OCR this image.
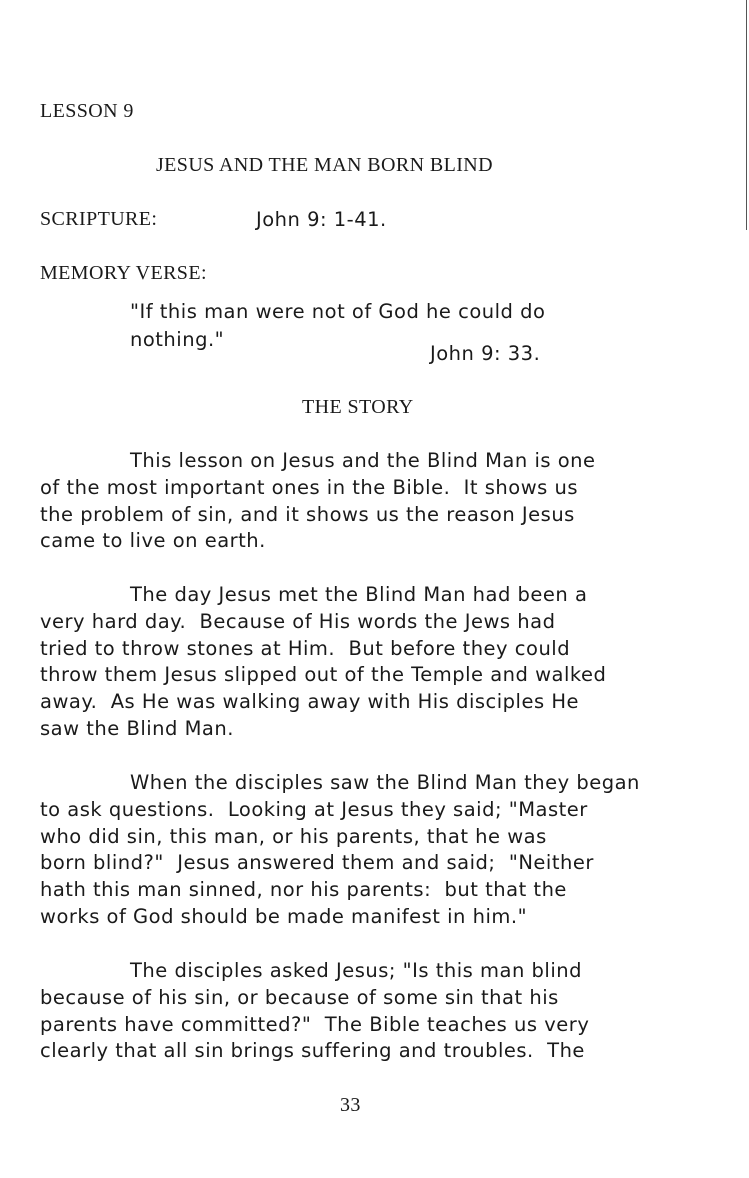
LESSON 9

JESUS AND THE MAN BORN BLIND

SCRIPTURE:	John 9: 1-41.

MEMORY VERSE:

"If this man were not of God he could do

nothing."

John 9: 33.

THE STORY

This lesson on Jesus and the Blind Man is one
of the most important ones in the Bible.  It shows us
the problem of sin, and it shows us the reason Jesus
came to live on earth.
The day Jesus met the Blind Man had been a
very hard day.  Because of His words the Jews had
tried to throw stones at Him.  But before they could
throw them Jesus slipped out of the Temple and walked
away.  As He was walking away with His disciples He
saw the Blind Man.
When the disciples saw the Blind Man they began
to ask questions.  Looking at Jesus they said; "Master
who did sin, this man, or his parents, that he was
born blind?"  Jesus answered them and said;  "Neither
hath this man sinned, nor his parents:  but that the
works of God should be made manifest in him."
The disciples asked Jesus; "Is this man blind
because of his sin, or because of some sin that his
parents have committed?"  The Bible teaches us very
clearly that all sin brings suffering and troubles.  The

33
